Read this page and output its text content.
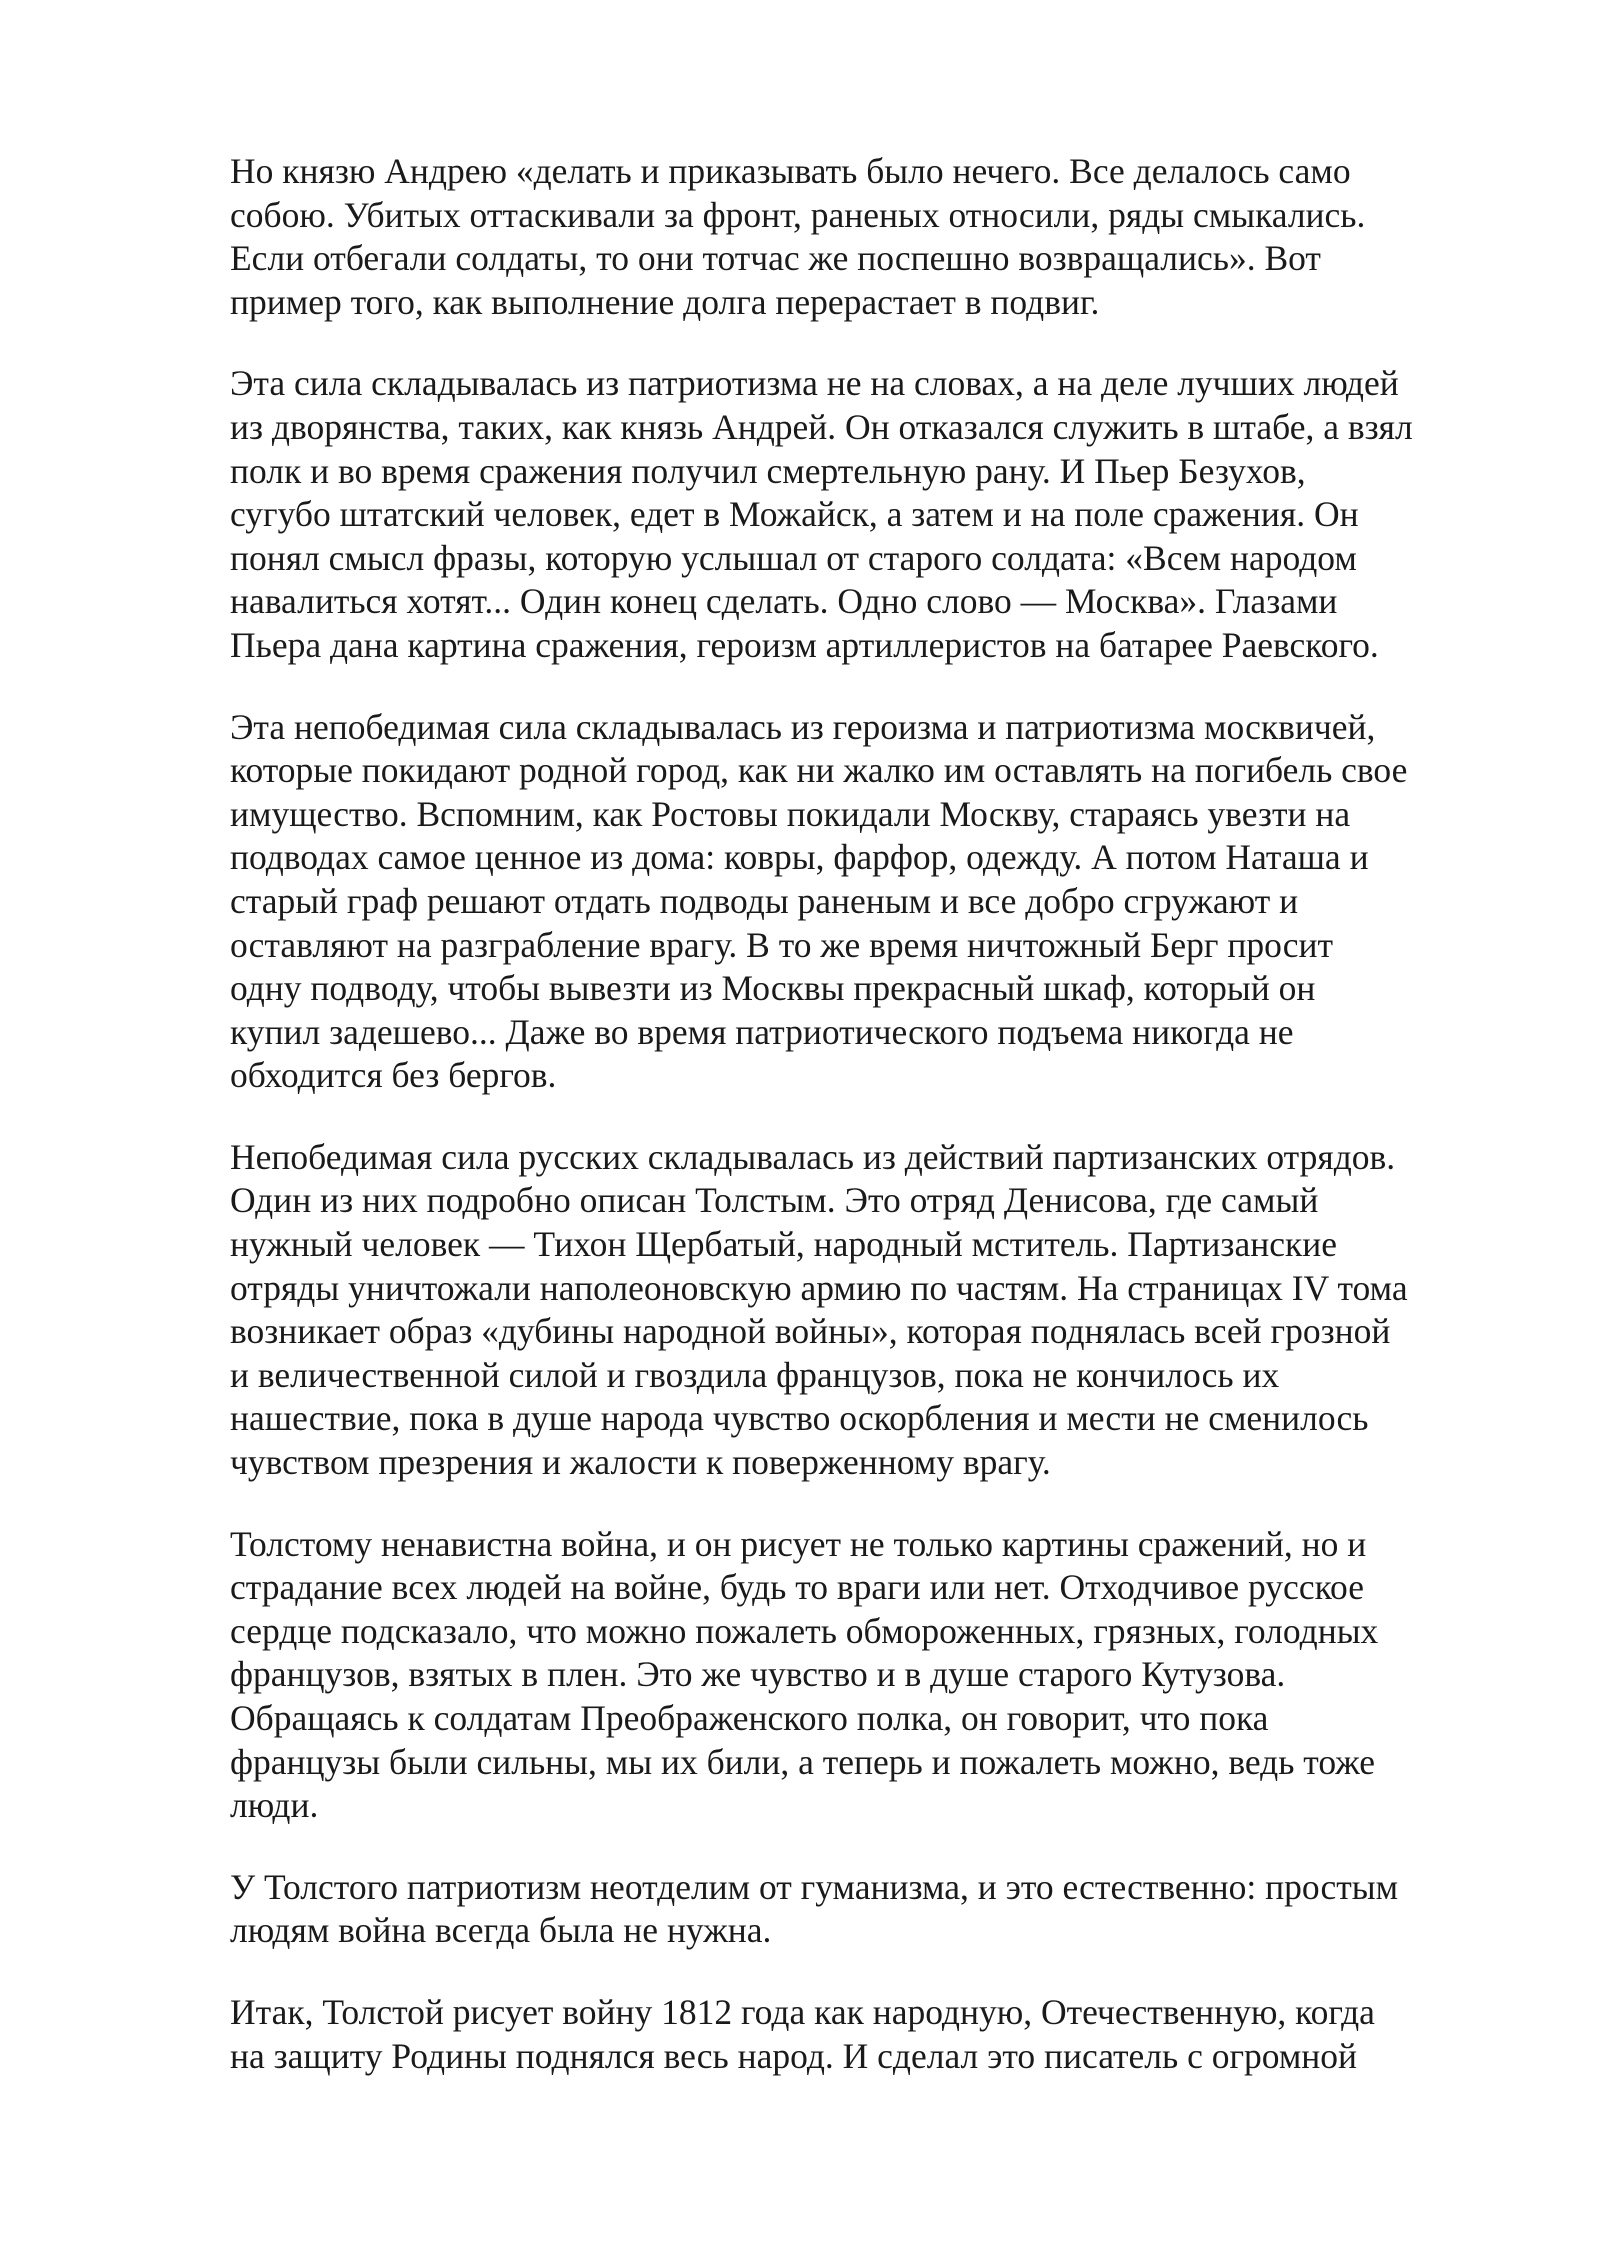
Но князю Андрею «делать и приказывать было нечего. Все делалось само
собою. Убитых оттаскивали за фронт, раненых относили, ряды смыкались.
Если отбегали солдаты, то они тотчас же поспешно возвращались». Вот
пример того, как выполнение долга перерастает в подвиг.
Эта сила складывалась из патриотизма не на словах, а на деле лучших людей
из дворянства, таких, как князь Андрей. Он отказался служить в штабе, а взял
полк и во время сражения получил смертельную рану. И Пьер Безухов,
сугубо штатский человек, едет в Можайск, а затем и на поле сражения. Он
понял смысл фразы, которую услышал от старого солдата: «Всем народом
навалиться хотят... Один конец сделать. Одно слово — Москва». Глазами
Пьера дана картина сражения, героизм артиллеристов на батарее Раевского.
Эта непобедимая сила складывалась из героизма и патриотизма москвичей,
которые покидают родной город, как ни жалко им оставлять на погибель свое
имущество. Вспомним, как Ростовы покидали Москву, стараясь увезти на
подводах самое ценное из дома: ковры, фарфор, одежду. А потом Наташа и
старый граф решают отдать подводы раненым и все добро сгружают и
оставляют на разграбление врагу. В то же время ничтожный Берг просит
одну подводу, чтобы вывезти из Москвы прекрасный шкаф, который он
купил задешево... Даже во время патриотического подъема никогда не
обходится без бергов.
Непобедимая сила русских складывалась из действий партизанских отрядов.
Один из них подробно описан Толстым. Это отряд Денисова, где самый
нужный человек — Тихон Щербатый, народный мститель. Партизанские
отряды уничтожали наполеоновскую армию по частям. На страницах IV тома
возникает образ «дубины народной войны», которая поднялась всей грозной
и величественной силой и гвоздила французов, пока не кончилось их
нашествие, пока в душе народа чувство оскорбления и мести не сменилось
чувством презрения и жалости к поверженному врагу.
Толстому ненавистна война, и он рисует не только картины сражений, но и
страдание всех людей на войне, будь то враги или нет. Отходчивое русское
сердце подсказало, что можно пожалеть обмороженных, грязных, голодных
французов, взятых в плен. Это же чувство и в душе старого Кутузова.
Обращаясь к солдатам Преображенского полка, он говорит, что пока
французы были сильны, мы их били, а теперь и пожалеть можно, ведь тоже
люди.
У Толстого патриотизм неотделим от гуманизма, и это естественно: простым
людям война всегда была не нужна.
Итак, Толстой рисует войну 1812 года как народную, Отечественную, когда
на защиту Родины поднялся весь народ. И сделал это писатель с огромной
